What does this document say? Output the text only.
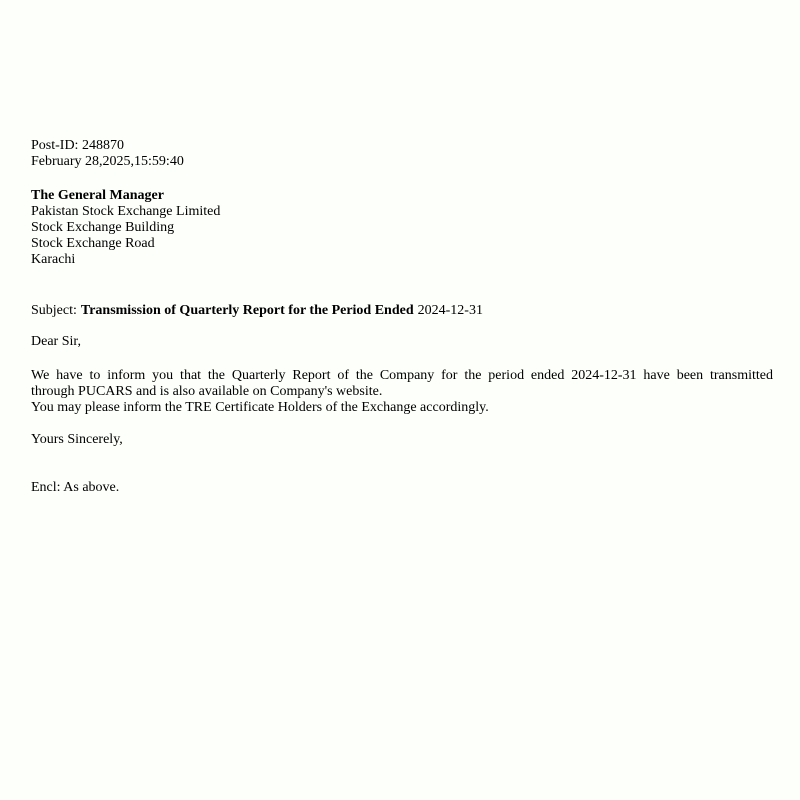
Post-ID: 248870
February 28,2025,15:59:40
The General Manager
Pakistan Stock Exchange Limited
Stock Exchange Building
Stock Exchange Road
Karachi
Subject: Transmission of Quarterly Report for the Period Ended 2024-12-31
Dear Sir,
We have to inform you that the Quarterly Report of the Company for the period ended 2024-12-31 have been transmitted
through PUCARS and is also available on Company's website.
You may please inform the TRE Certificate Holders of the Exchange accordingly.
Yours Sincerely,
Encl: As above.
